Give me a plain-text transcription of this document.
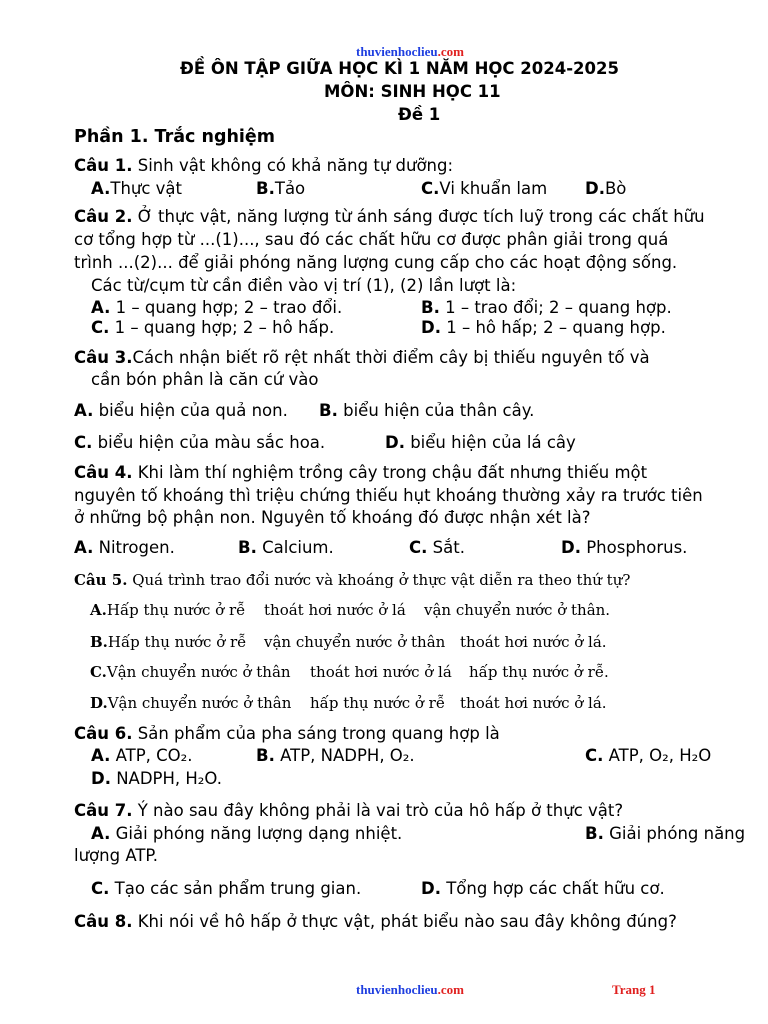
thuvienhoclieu.com
ĐỀ ÔN TẬP GIỮA HỌC KÌ 1 NĂM HỌC 2024-2025
MÔN: SINH HỌC 11
Đề 1
Phần 1. Trắc nghiệm
Câu 1. Sinh vật không có khả năng tự dưỡng:
A.Thực vật	B.Tảo	C.Vi khuẩn lam D.Bò
Câu 2. Ở thực vật, năng lượng từ ánh sáng được tích luỹ trong các chất hữu
cơ tổng hợp từ ...(1)..., sau đó các chất hữu cơ được phân giải trong quá
trình ...(2)... để giải phóng năng lượng cung cấp cho các hoạt động sống.
Các từ/cụm từ cần điền vào vị trí (1), (2) lần lượt là:
A. 1 – quang hợp; 2 – trao đổi.	B. 1 – trao đổi; 2 – quang hợp.
C. 1 – quang hợp; 2 – hô hấp.	D. 1 – hô hấp; 2 – quang hợp.
Câu 3.Cách nhận biết rõ rệt nhất thời điểm cây bị thiếu nguyên tố và
cần bón phân là căn cứ vào
A. biểu hiện của quả non. B. biểu hiện của thân cây.
C. biểu hiện của màu sắc hoa.	D. biểu hiện của lá cây
Câu 4. Khi làm thí nghiệm trồng cây trong chậu đất nhưng thiếu một
nguyên tố khoáng thì triệu chứng thiếu hụt khoáng thường xảy ra trước tiên
ở những bộ phận non. Nguyên tố khoáng đó được nhận xét là?
A. Nitrogen.	B. Calcium.	C. Sắt.	D. Phosphorus.
Câu 5. Quá trình trao đổi nước và khoáng ở thực vật diễn ra theo thứ tự?
A.Hấp thụ nước ở rễ thoát hơi nước ở lá vận chuyển nước ở thân.
B.Hấp thụ nước ở rễ vận chuyển nước ở thân thoát hơi nước ở lá.
C.Vận chuyển nước ở thân thoát hơi nước ở lá hấp thụ nước ở rễ.
D.Vận chuyển nước ở thân hấp thụ nước ở rễ thoát hơi nước ở lá.
Câu 6. Sản phẩm của pha sáng trong quang hợp là
A. ATP, CO₂.	B. ATP, NADPH, O₂.	C. ATP, O₂, H₂O
D. NADPH, H₂O.
Câu 7. Ý nào sau đây không phải là vai trò của hô hấp ở thực vật?
A. Giải phóng năng lượng dạng nhiệt.	B. Giải phóng năng
lượng ATP.
C. Tạo các sản phẩm trung gian.	D. Tổng hợp các chất hữu cơ.
Câu 8. Khi nói về hô hấp ở thực vật, phát biểu nào sau đây không đúng?
thuvienhoclieu.com	Trang 1
